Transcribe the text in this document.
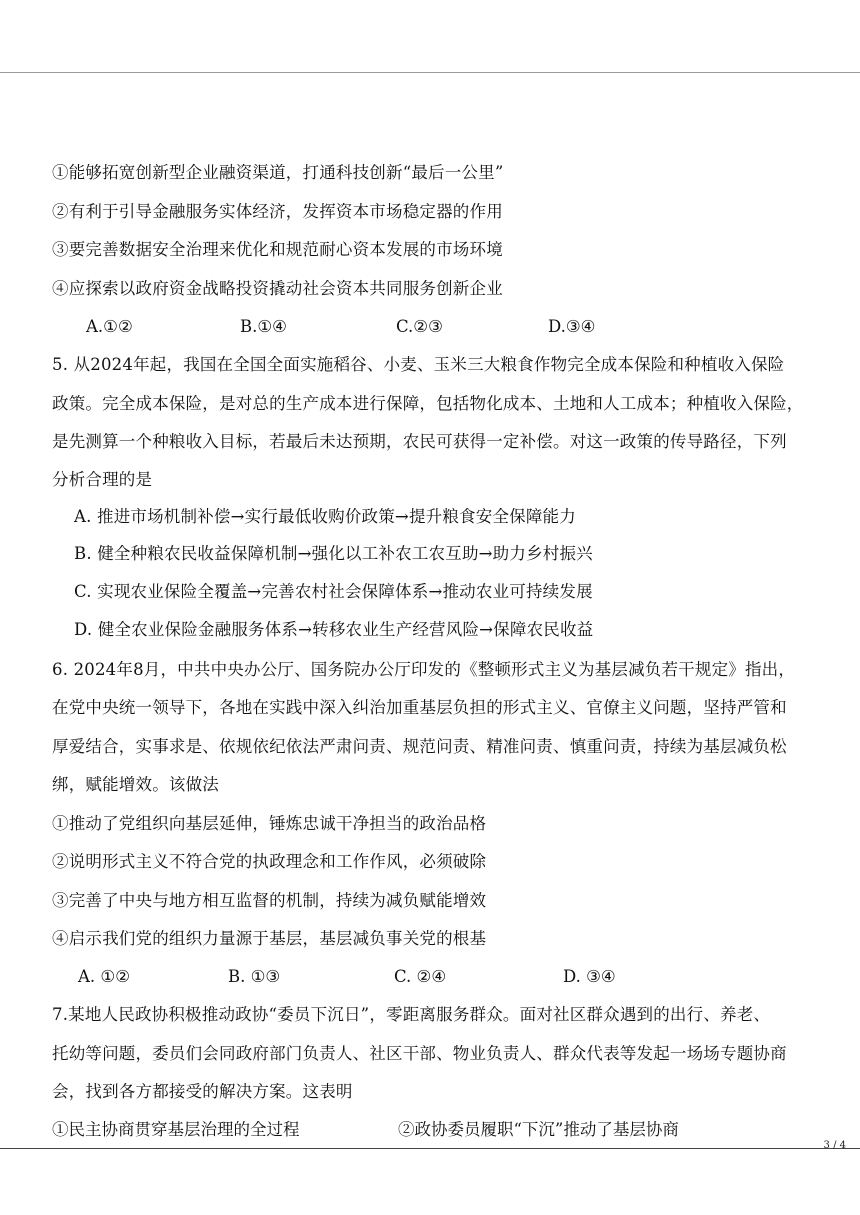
①能够拓宽创新型企业融资渠道，打通科技创新“最后一公里”
②有利于引导金融服务实体经济，发挥资本市场稳定器的作用
③要完善数据安全治理来优化和规范耐心资本发展的市场环境
④应探索以政府资金战略投资撬动社会资本共同服务创新企业
A.①②	B.①④	C.②③	D.③④
5. 从2024年起，我国在全国全面实施稻谷、小麦、玉米三大粮食作物完全成本保险和种植收入保险
政策。完全成本保险，是对总的生产成本进行保障，包括物化成本、土地和人工成本；种植收入保险，
是先测算一个种粮收入目标，若最后未达预期，农民可获得一定补偿。对这一政策的传导路径，下列
分析合理的是
A. 推进市场机制补偿→实行最低收购价政策→提升粮食安全保障能力
B. 健全种粮农民收益保障机制→强化以工补农工农互助→助力乡村振兴
C. 实现农业保险全覆盖→完善农村社会保障体系→推动农业可持续发展
D. 健全农业保险金融服务体系→转移农业生产经营风险→保障农民收益
6. 2024年8月，中共中央办公厅、国务院办公厅印发的《整顿形式主义为基层减负若干规定》指出，
在党中央统一领导下，各地在实践中深入纠治加重基层负担的形式主义、官僚主义问题，坚持严管和
厚爱结合，实事求是、依规依纪依法严肃问责、规范问责、精准问责、慎重问责，持续为基层减负松
绑，赋能增效。该做法
①推动了党组织向基层延伸，锤炼忠诚干净担当的政治品格
②说明形式主义不符合党的执政理念和工作作风，必须破除
③完善了中央与地方相互监督的机制，持续为减负赋能增效
④启示我们党的组织力量源于基层，基层减负事关党的根基
A. ①②	B. ①③	C. ②④	D. ③④
7.某地人民政协积极推动政协“委员下沉日”，零距离服务群众。面对社区群众遇到的出行、养老、
托幼等问题，委员们会同政府部门负责人、社区干部、物业负责人、群众代表等发起一场场专题协商
会，找到各方都接受的解决方案。这表明
①民主协商贯穿基层治理的全过程	②政协委员履职“下沉”推动了基层协商
3 / 4
